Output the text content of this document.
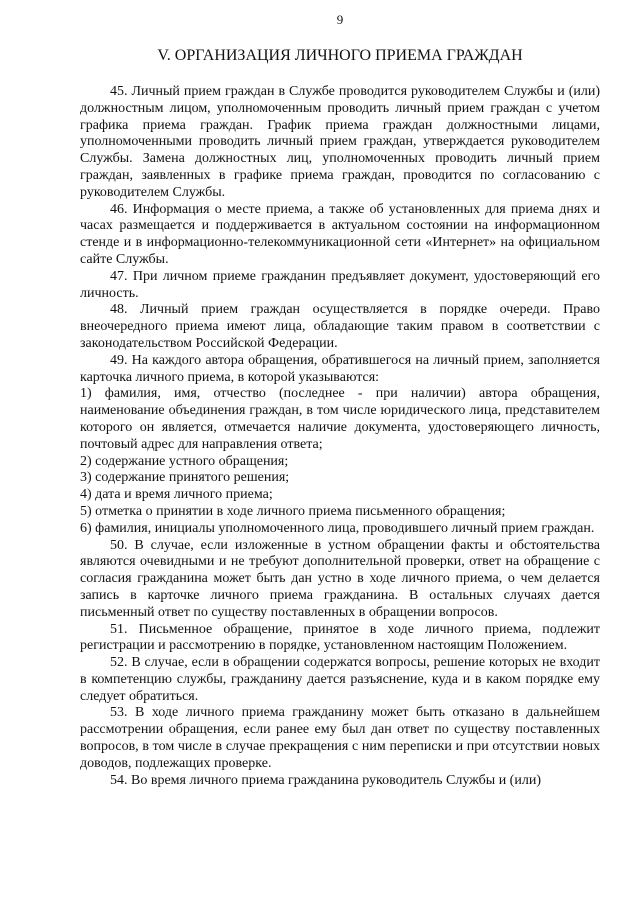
9
V. ОРГАНИЗАЦИЯ ЛИЧНОГО ПРИЕМА ГРАЖДАН

45. Личный прием граждан в Службе проводится руководителем Службы и (или) должностным лицом, уполномоченным проводить личный прием граждан с учетом графика приема граждан. График приема граждан должностными лицами, уполномоченными проводить личный прием граждан, утверждается руководителем Службы. Замена должностных лиц, уполномоченных проводить личный прием граждан, заявленных в графике приема граждан, проводится по согласованию с руководителем Службы.

46. Информация о месте приема, а также об установленных для приема днях и часах размещается и поддерживается в актуальном состоянии на информационном стенде и в информационно-телекоммуникационной сети «Интернет» на официальном сайте Службы.

47. При личном приеме гражданин предъявляет документ, удостоверяющий его личность.

48. Личный прием граждан осуществляется в порядке очереди. Право внеочередного приема имеют лица, обладающие таким правом в соответствии с законодательством Российской Федерации.

49. На каждого автора обращения, обратившегося на личный прием, заполняется карточка личного приема, в которой указываются:

1) фамилия, имя, отчество (последнее - при наличии) автора обращения, наименование объединения граждан, в том числе юридического лица, представителем которого он является, отмечается наличие документа, удостоверяющего личность, почтовый адрес для направления ответа;

2) содержание устного обращения;

3) содержание принятого решения;

4) дата и время личного приема;

5) отметка о принятии в ходе личного приема письменного обращения;

6) фамилия, инициалы уполномоченного лица, проводившего личный прием граждан.

50. В случае, если изложенные в устном обращении факты и обстоятельства являются очевидными и не требуют дополнительной проверки, ответ на обращение с согласия гражданина может быть дан устно в ходе личного приема, о чем делается запись в карточке личного приема гражданина. В остальных случаях дается письменный ответ по существу поставленных в обращении вопросов.

51. Письменное обращение, принятое в ходе личного приема, подлежит регистрации и рассмотрению в порядке, установленном настоящим Положением.

52. В случае, если в обращении содержатся вопросы, решение которых не входит в компетенцию службы, гражданину дается разъяснение, куда и в каком порядке ему следует обратиться.

53. В ходе личного приема гражданину может быть отказано в дальнейшем рассмотрении обращения, если ранее ему был дан ответ по существу поставленных вопросов, в том числе в случае прекращения с ним переписки и при отсутствии новых доводов, подлежащих проверке.

54. Во время личного приема гражданина руководитель Службы и (или)
